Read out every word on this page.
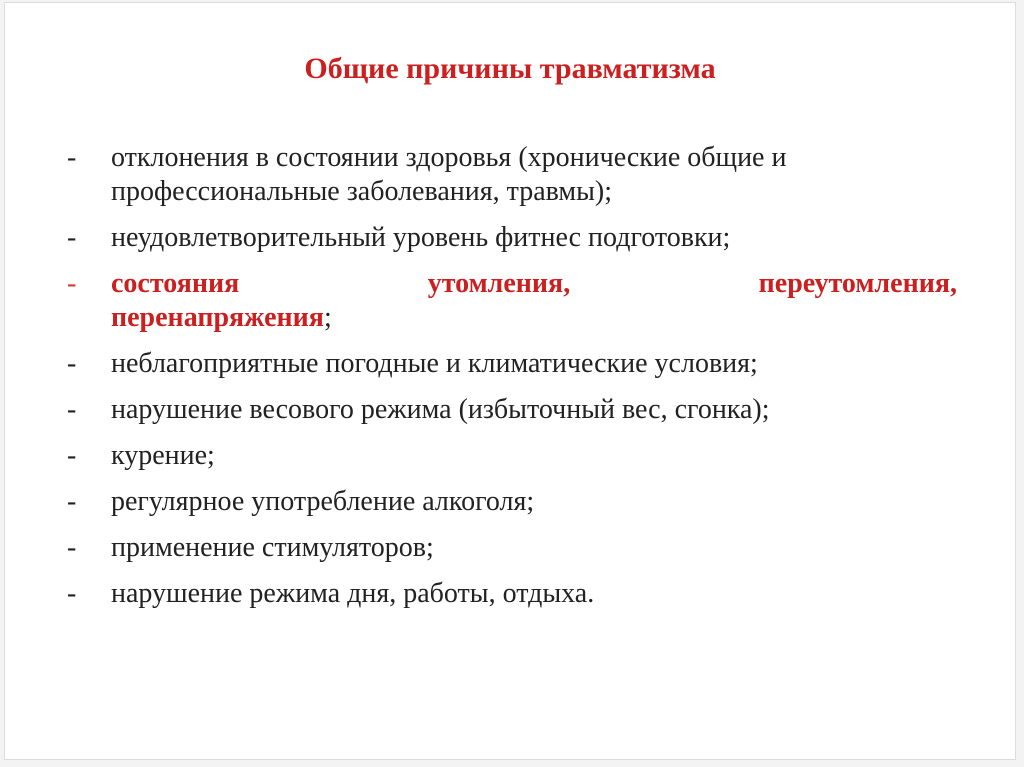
Общие причины травматизма
-	отклонения в состоянии здоровья (хронические общие и профессиональные заболевания, травмы);
-	неудовлетворительный уровень фитнес подготовки;
-	состояния	утомления,	переутомления,
перенапряжения;
-	неблагоприятные погодные и климатические условия;
-	нарушение весового режима (избыточный вес, сгонка);
-	курение;
-	регулярное употребление алкоголя;
-	применение стимуляторов;
-	нарушение режима дня, работы, отдыха.
